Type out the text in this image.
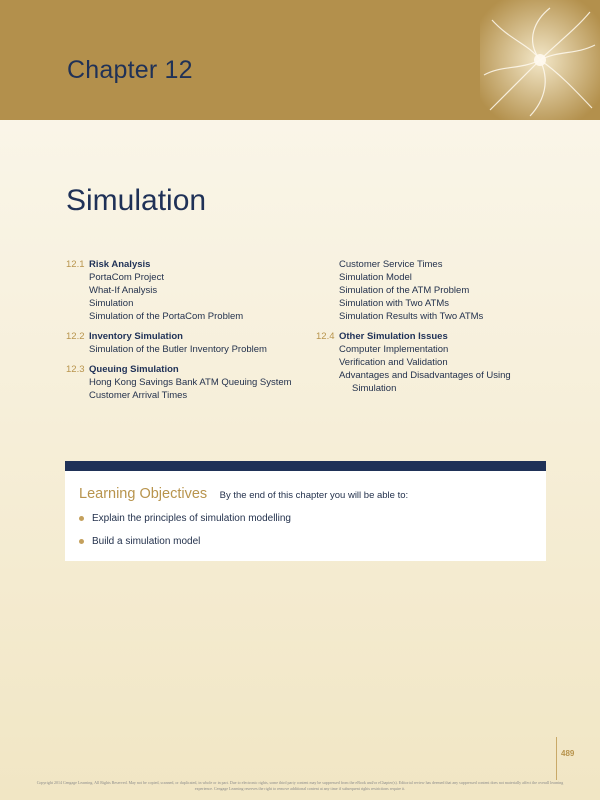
Chapter 12
Simulation
12.1 Risk Analysis
PortaCom Project
What-If Analysis
Simulation
Simulation of the PortaCom Problem
12.2 Inventory Simulation
Simulation of the Butler Inventory Problem
12.3 Queuing Simulation
Hong Kong Savings Bank ATM Queuing System
Customer Arrival Times
Customer Service Times
Simulation Model
Simulation of the ATM Problem
Simulation with Two ATMs
Simulation Results with Two ATMs
12.4 Other Simulation Issues
Computer Implementation
Verification and Validation
Advantages and Disadvantages of Using
Simulation
Learning Objectives By the end of this chapter you will be able to:
Explain the principles of simulation modelling
Build a simulation model
489
Copyright 2014 Cengage Learning. All Rights Reserved. May not be copied, scanned, or duplicated, in whole or in part. Due to electronic rights, some third party content may be suppressed from the eBook and/or eChapter(s). Editorial review has deemed that any suppressed content does not materially affect the overall learning experience. Cengage Learning reserves the right to remove additional content at any time if subsequent rights restrictions require it.
